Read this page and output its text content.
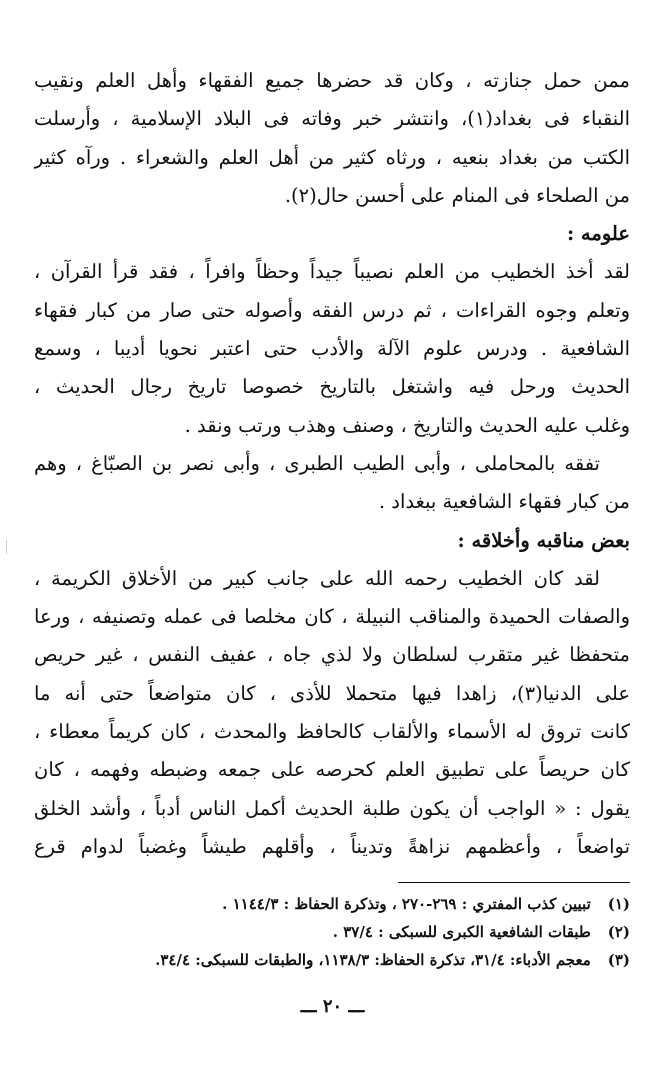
ممن حمل جنازته ، وكان قد حضرها جميع الفقهاء وأهل العلم ونقيب
النقباء فى بغداد(١)، وانتشر خبر وفاته فى البلاد الإسلامية ، وأرسلت
الكتب من بغداد بنعيه ، ورثاه كثير من أهل العلم والشعراء . ورآه كثير
من الصلحاء فى المنام على أحسن حال(٢).
علومه :
لقد أخذ الخطيب من العلم نصيباً جيداً وحظاً وافراً ، فقد قرأ القرآن ،
وتعلم وجوه القراءات ، ثم درس الفقه وأصوله حتى صار من كبار فقهاء
الشافعية . ودرس علوم الآلة والأدب حتى اعتبر نحويا أديبا ، وسمع
الحديث ورحل فيه واشتغل بالتاريخ خصوصا تاريخ رجال الحديث ،
وغلب عليه الحديث والتاريخ ، وصنف وهذب ورتب ونقد .
تفقه بالمحاملى ، وأبى الطيب الطبرى ، وأبى نصر بن الصبّاغ ، وهم
من كبار فقهاء الشافعية ببغداد .
بعض مناقبه وأخلاقه :
لقد كان الخطيب رحمه الله على جانب كبير من الأخلاق الكريمة ،
والصفات الحميدة والمناقب النبيلة ، كان مخلصا فى عمله وتصنيفه ، ورعا
متحفظا غير متقرب لسلطان ولا لذي جاه ، عفيف النفس ، غير حريص
على الدنيا(٣)، زاهدا فيها متحملا للأذى ، كان متواضعاً حتى أنه ما
كانت تروق له الأسماء والألقاب كالحافظ والمحدث ، كان كريماً معطاء ،
كان حريصاً على تطبيق العلم كحرصه على جمعه وضبطه وفهمه ، كان
يقول : « الواجب أن يكون طلبة الحديث أكمل الناس أدباً ، وأشد الخلق
تواضعاً ، وأعظمهم نزاهةً وتديناً ، وأقلهم طيشاً وغضباً لدوام قرع
(١) تبيين كذب المفتري : ٢٦٩-٢٧٠ ، وتذكرة الحفاظ : ١١٤٤/٣ .
(٢) طبقات الشافعية الكبرى للسبكى : ٣٧/٤ .
(٣) معجم الأدباء: ٣١/٤، تذكرة الحفاظ: ١١٣٨/٣، والطبقات للسبكى: ٣٤/٤.
ـــ ٢٠ ـــ
